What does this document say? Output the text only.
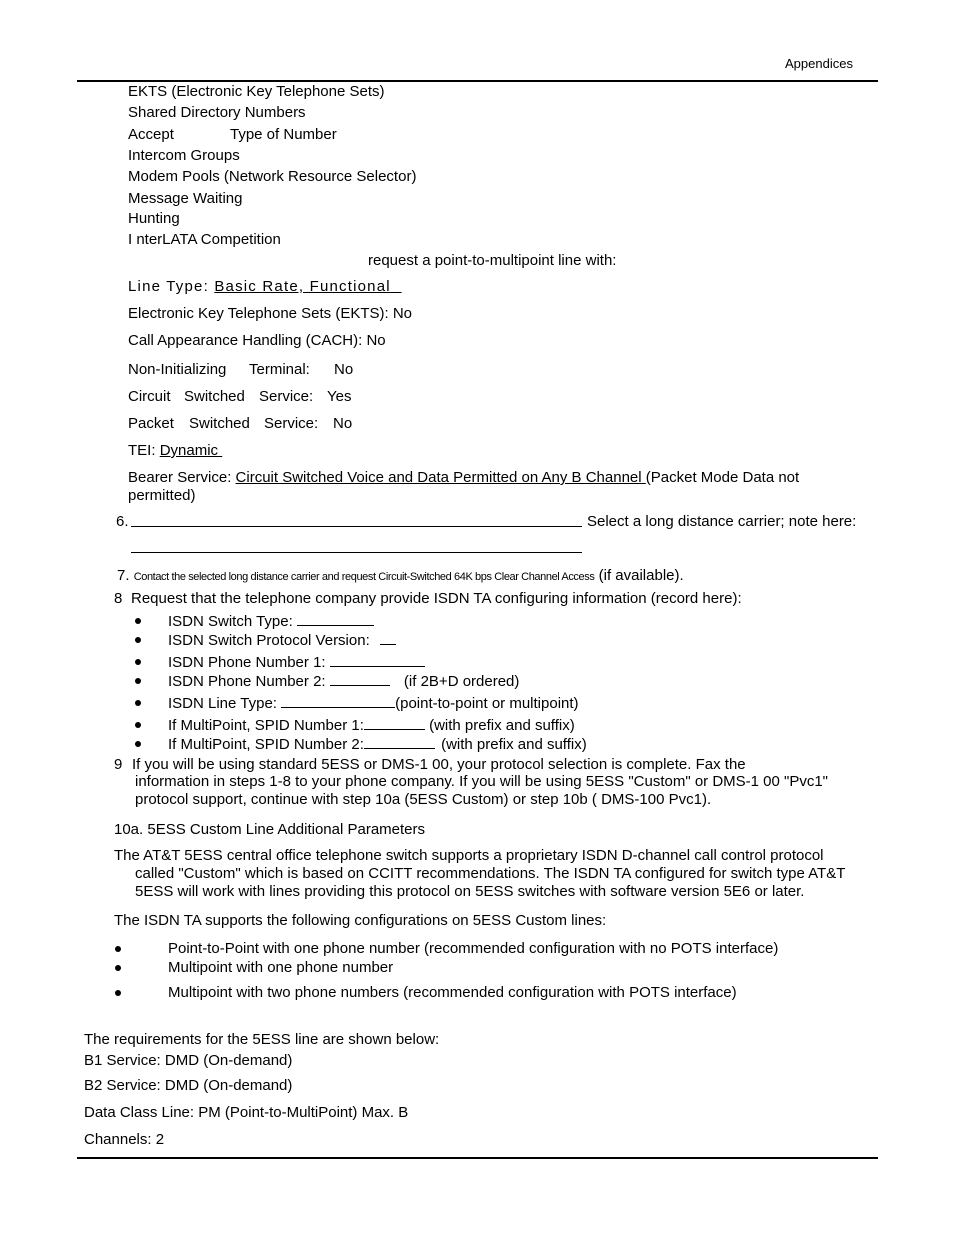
Appendices
EKTS (Electronic Key Telephone Sets)
Shared Directory Numbers
Accept	Type of Number
Intercom Groups
Modem Pools (Network Resource Selector)
Message Waiting
Hunting
I nterLATA Competition
request a point-to-multipoint line with:
Line Type: Basic Rate, Functional
Electronic Key Telephone Sets (EKTS): No
Call Appearance Handling (CACH): No
Non-Initializing Terminal: No
Circuit Switched Service: Yes
Packet Switched Service: No
TEI: Dynamic
Bearer Service: Circuit Switched Voice and Data Permitted on Any B Channel (Packet Mode Data not
permitted)
6.	Select a long distance carrier; note here:
7. Contact the selected long distance carrier and request Circuit-Switched 64K bps Clear Channel Access (if available).
8 Request that the telephone company provide ISDN TA configuring information (record here):
ISDN Switch Type:
ISDN Switch Protocol Version:
ISDN Phone Number 1:
ISDN Phone Number 2:	(if 2B+D ordered)
ISDN Line Type:	(point-to-point or multipoint)
If MultiPoint, SPID Number 1:	(with prefix and suffix)
If MultiPoint, SPID Number 2:	(with prefix and suffix)
9 If you will be using standard 5ESS or DMS-1 00, your protocol selection is complete. Fax the
information in steps 1-8 to your phone company. If you will be using 5ESS "Custom" or DMS-1 00 "Pvc1"
protocol support, continue with step 10a (5ESS Custom) or step 10b ( DMS-100 Pvc1).
10a. 5ESS Custom Line Additional Parameters
The AT&T 5ESS central office telephone switch supports a proprietary ISDN D-channel call control protocol
called "Custom" which is based on CCITT recommendations. The ISDN TA configured for switch type AT&T
5ESS will work with lines providing this protocol on 5ESS switches with software version 5E6 or later.
The ISDN TA supports the following configurations on 5ESS Custom lines:
Point-to-Point with one phone number (recommended configuration with no POTS interface)
Multipoint with one phone number
Multipoint with two phone numbers (recommended configuration with POTS interface)
The requirements for the 5ESS line are shown below:
B1 Service: DMD (On-demand)
B2 Service: DMD (On-demand)
Data Class Line: PM (Point-to-MultiPoint) Max. B
Channels: 2
